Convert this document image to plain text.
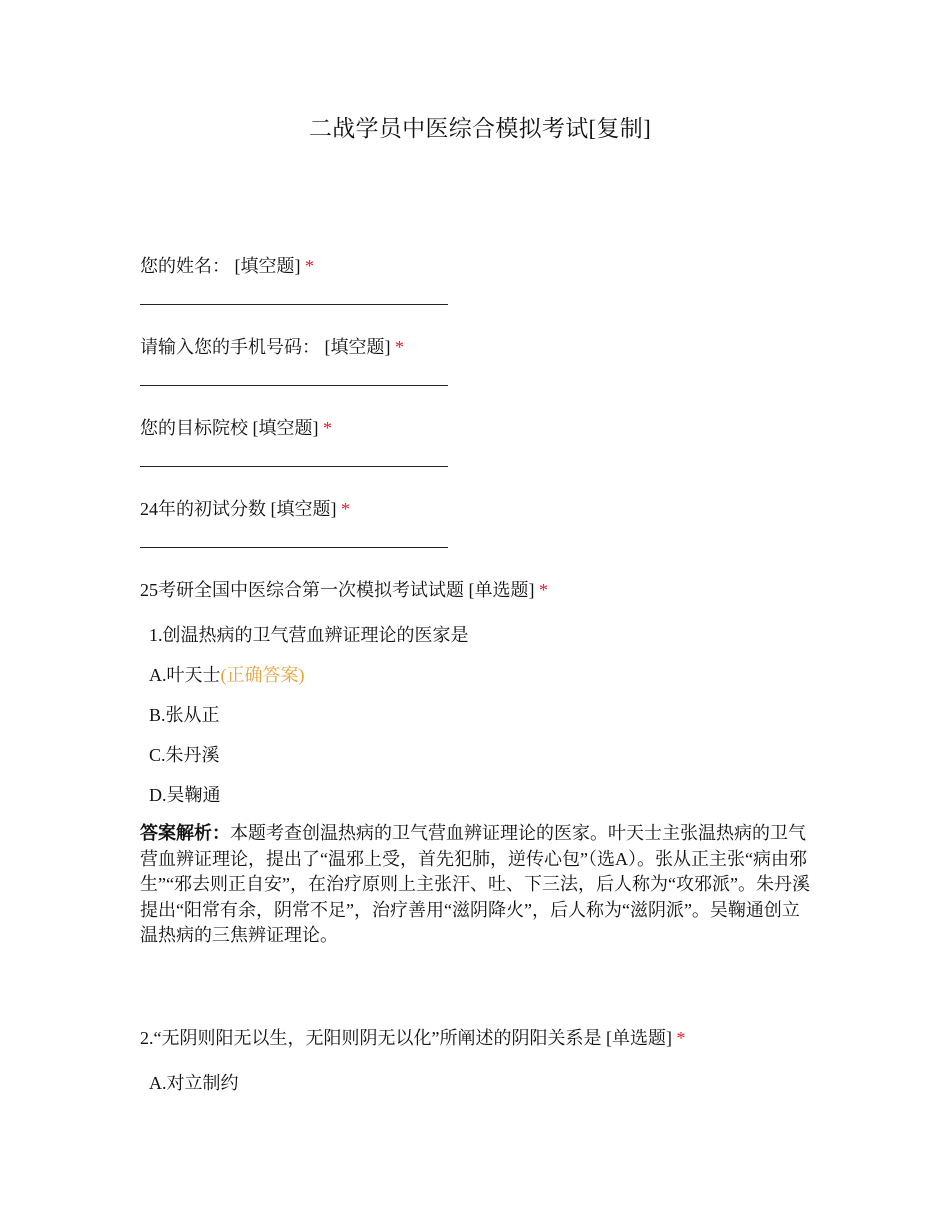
二战学员中医综合模拟考试[复制]
您的姓名： [填空题] *
请输入您的手机号码： [填空题] *
您的目标院校 [填空题] *
24年的初试分数 [填空题] *
25考研全国中医综合第一次模拟考试试题 [单选题] *
1.创温热病的卫气营血辨证理论的医家是
A.叶天士(正确答案)
B.张从正
C.朱丹溪
D.吴鞠通
答案解析：本题考查创温热病的卫气营血辨证理论的医家。叶天士主张温热病的卫气营血辨证理论，提出了“温邪上受，首先犯肺，逆传心包”（选A）。张从正主张“病由邪生”“邪去则正自安”，在治疗原则上主张汗、吐、下三法，后人称为“攻邪派”。朱丹溪提出“阳常有余，阴常不足”，治疗善用“滋阴降火”，后人称为“滋阴派”。吴鞠通创立温热病的三焦辨证理论。
2.“无阴则阳无以生，无阳则阴无以化”所阐述的阴阳关系是 [单选题] *
A.对立制约
